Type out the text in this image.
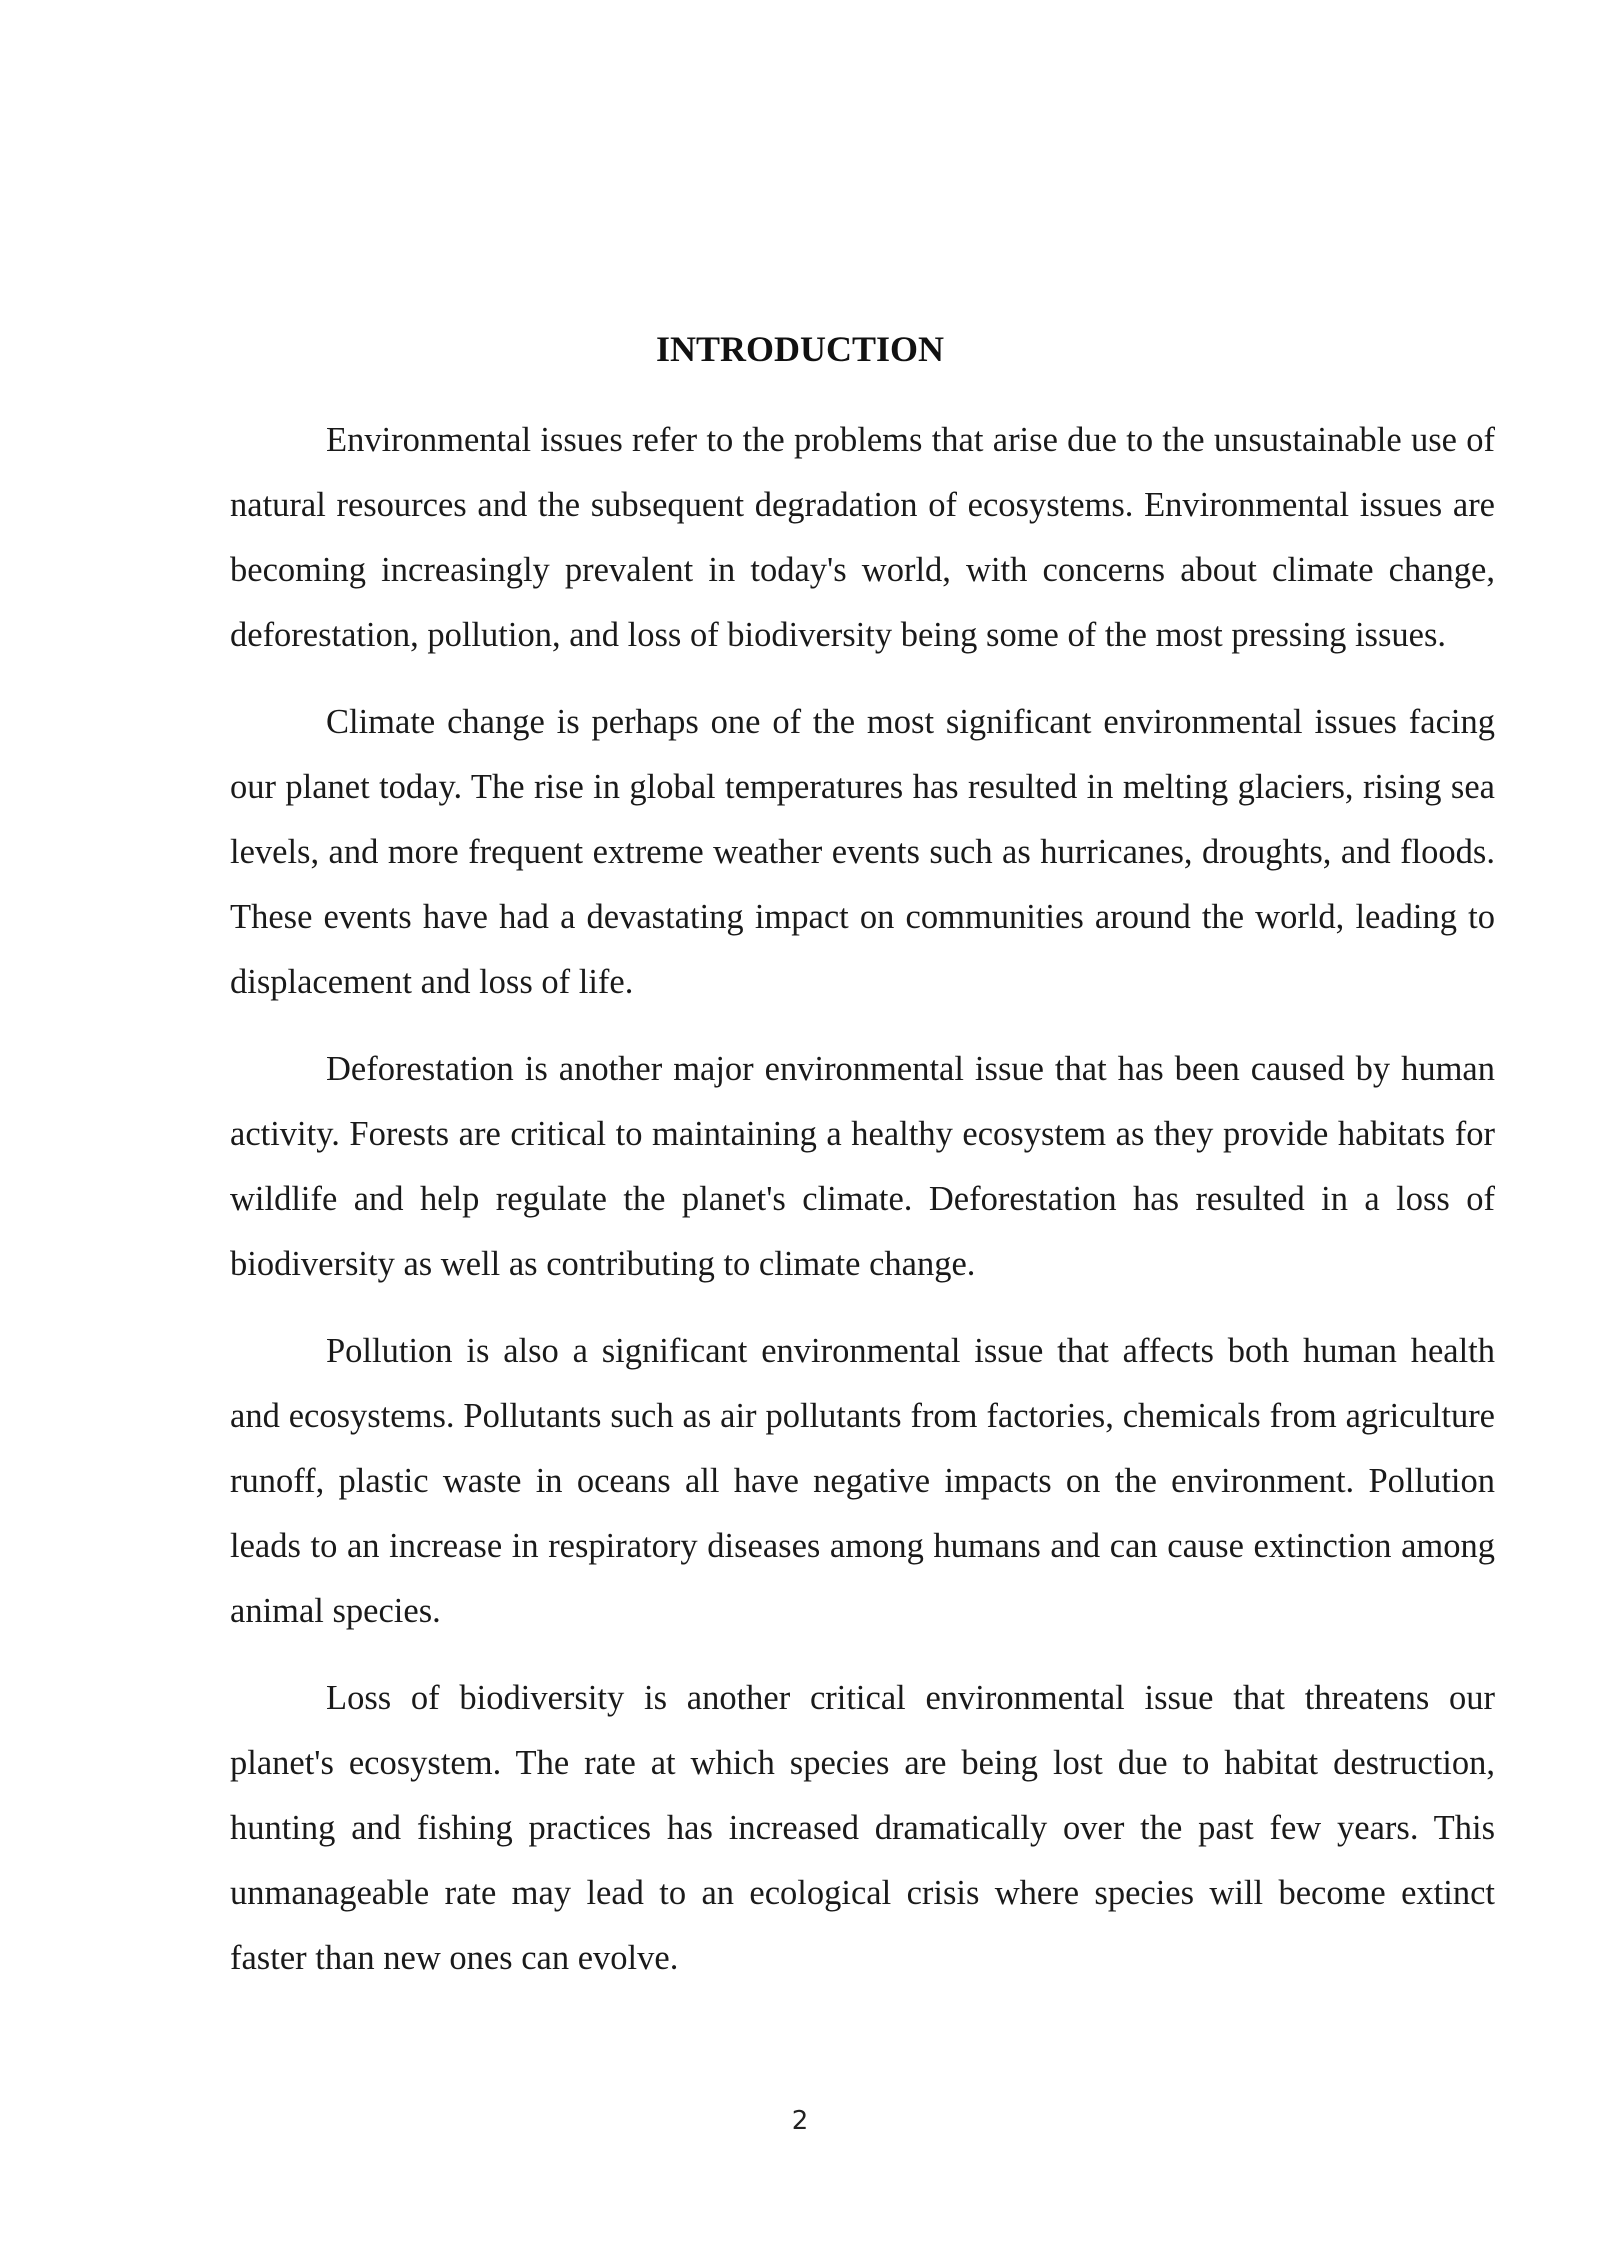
INTRODUCTION

Environmental issues refer to the problems that arise due to the unsustainable use of natural resources and the subsequent degradation of ecosystems. Environmental issues are becoming increasingly prevalent in today's world, with concerns about climate change, deforestation, pollution, and loss of biodiversity being some of the most pressing issues.

Climate change is perhaps one of the most significant environmental issues facing our planet today. The rise in global temperatures has resulted in melting glaciers, rising sea levels, and more frequent extreme weather events such as hurricanes, droughts, and floods. These events have had a devastating impact on communities around the world, leading to displacement and loss of life.

Deforestation is another major environmental issue that has been caused by human activity. Forests are critical to maintaining a healthy ecosystem as they provide habitats for wildlife and help regulate the planet's climate. Deforestation has resulted in a loss of biodiversity as well as contributing to climate change.

Pollution is also a significant environmental issue that affects both human health and ecosystems. Pollutants such as air pollutants from factories, chemicals from agriculture runoff, plastic waste in oceans all have negative impacts on the environment. Pollution leads to an increase in respiratory diseases among humans and can cause extinction among animal species.

Loss of biodiversity is another critical environmental issue that threatens our planet's ecosystem. The rate at which species are being lost due to habitat destruction, hunting and fishing practices has increased dramatically over the past few years. This unmanageable rate may lead to an ecological crisis where species will become extinct faster than new ones can evolve.

2
